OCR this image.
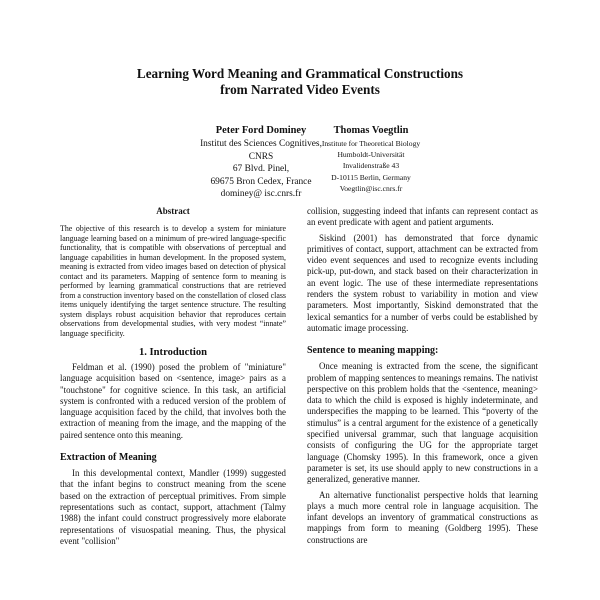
Learning Word Meaning and Grammatical Constructions
from Narrated Video Events
Peter Ford Dominey
Institut des Sciences Cognitives,
CNRS
67 Blvd. Pinel,
69675 Bron Cedex, France
dominey@ isc.cnrs.fr
Thomas Voegtlin
Institute for Theoretical Biology
Humboldt-Universität
Invalidenstraße 43
D-10115 Berlin, Germany
Voegtlin@isc.cnrs.fr
Abstract

The objective of this research is to develop a system for miniature language learning based on a minimum of pre-wired language-specific functionality, that is compatible with observations of perceptual and language capabilities in human development. In the proposed system, meaning is extracted from video images based on detection of physical contact and its parameters. Mapping of sentence form to meaning is performed by learning grammatical constructions that are retrieved from a construction inventory based on the constellation of closed class items uniquely identifying the target sentence structure. The resulting system displays robust acquisition behavior that reproduces certain observations from developmental studies, with very modest “innate” language specificity.

1. Introduction

Feldman et al. (1990) posed the problem of "miniature" language acquisition based on <sentence, image> pairs as a "touchstone" for cognitive science. In this task, an artificial system is confronted with a reduced version of the problem of language acquisition faced by the child, that involves both the extraction of meaning from the image, and the mapping of the paired sentence onto this meaning.

Extraction of Meaning

In this developmental context, Mandler (1999) suggested that the infant begins to construct meaning from the scene based on the extraction of perceptual primitives. From simple representations such as contact, support, attachment (Talmy 1988) the infant could construct progressively more elaborate representations of visuospatial meaning. Thus, the physical event "collision"

collision, suggesting indeed that infants can represent contact as an event predicate with agent and patient arguments.

Siskind (2001) has demonstrated that force dynamic primitives of contact, support, attachment can be extracted from video event sequences and used to recognize events including pick-up, put-down, and stack based on their characterization in an event logic. The use of these intermediate representations renders the system robust to variability in motion and view parameters. Most importantly, Siskind demonstrated that the lexical semantics for a number of verbs could be established by automatic image processing.

Sentence to meaning mapping:

Once meaning is extracted from the scene, the significant problem of mapping sentences to meanings remains. The nativist perspective on this problem holds that the <sentence, meaning> data to which the child is exposed is highly indeterminate, and underspecifies the mapping to be learned. This “poverty of the stimulus” is a central argument for the existence of a genetically specified universal grammar, such that language acquisition consists of configuring the UG for the appropriate target language (Chomsky 1995). In this framework, once a given parameter is set, its use should apply to new constructions in a generalized, generative manner.

An alternative functionalist perspective holds that learning plays a much more central role in language acquisition. The infant develops an inventory of grammatical constructions as mappings from form to meaning (Goldberg 1995). These constructions are
